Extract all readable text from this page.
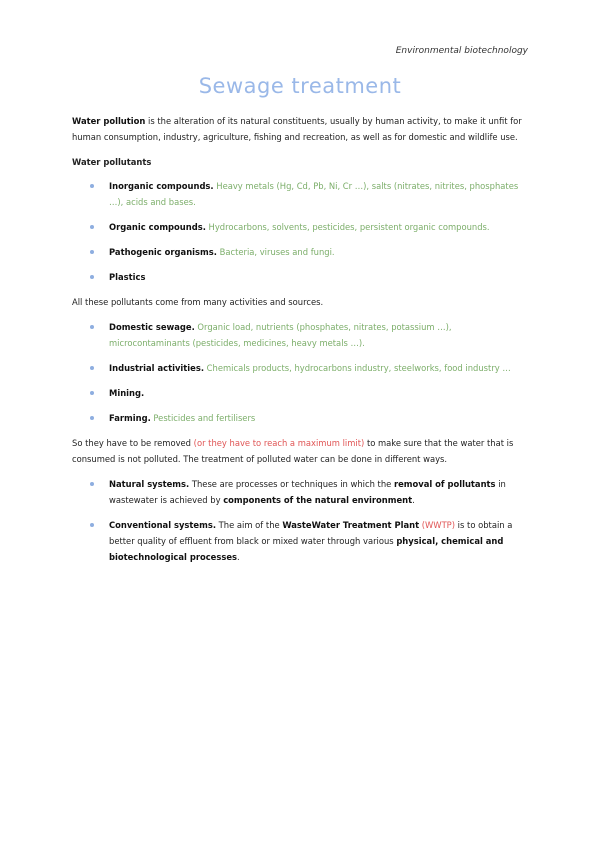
Environmental biotechnology
Sewage treatment

Water pollution is the alteration of its natural constituents, usually by human activity, to make it unfit for human consumption, industry, agriculture, fishing and recreation, as well as for domestic and wildlife use.

Water pollutants

Inorganic compounds. Heavy metals (Hg, Cd, Pb, Ni, Cr …), salts (nitrates, nitrites, phosphates …), acids and bases.
Organic compounds. Hydrocarbons, solvents, pesticides, persistent organic compounds.
Pathogenic organisms. Bacteria, viruses and fungi.
Plastics

All these pollutants come from many activities and sources.

Domestic sewage. Organic load, nutrients (phosphates, nitrates, potassium …), microcontaminants (pesticides, medicines, heavy metals …).
Industrial activities. Chemicals products, hydrocarbons industry, steelworks, food industry …
Mining.
Farming. Pesticides and fertilisers

So they have to be removed (or they have to reach a maximum limit) to make sure that the water that is consumed is not polluted. The treatment of polluted water can be done in different ways.

Natural systems. These are processes or techniques in which the removal of pollutants in wastewater is achieved by components of the natural environment.
Conventional systems. The aim of the WasteWater Treatment Plant (WWTP) is to obtain a better quality of effluent from black or mixed water through various physical, chemical and biotechnological processes.
